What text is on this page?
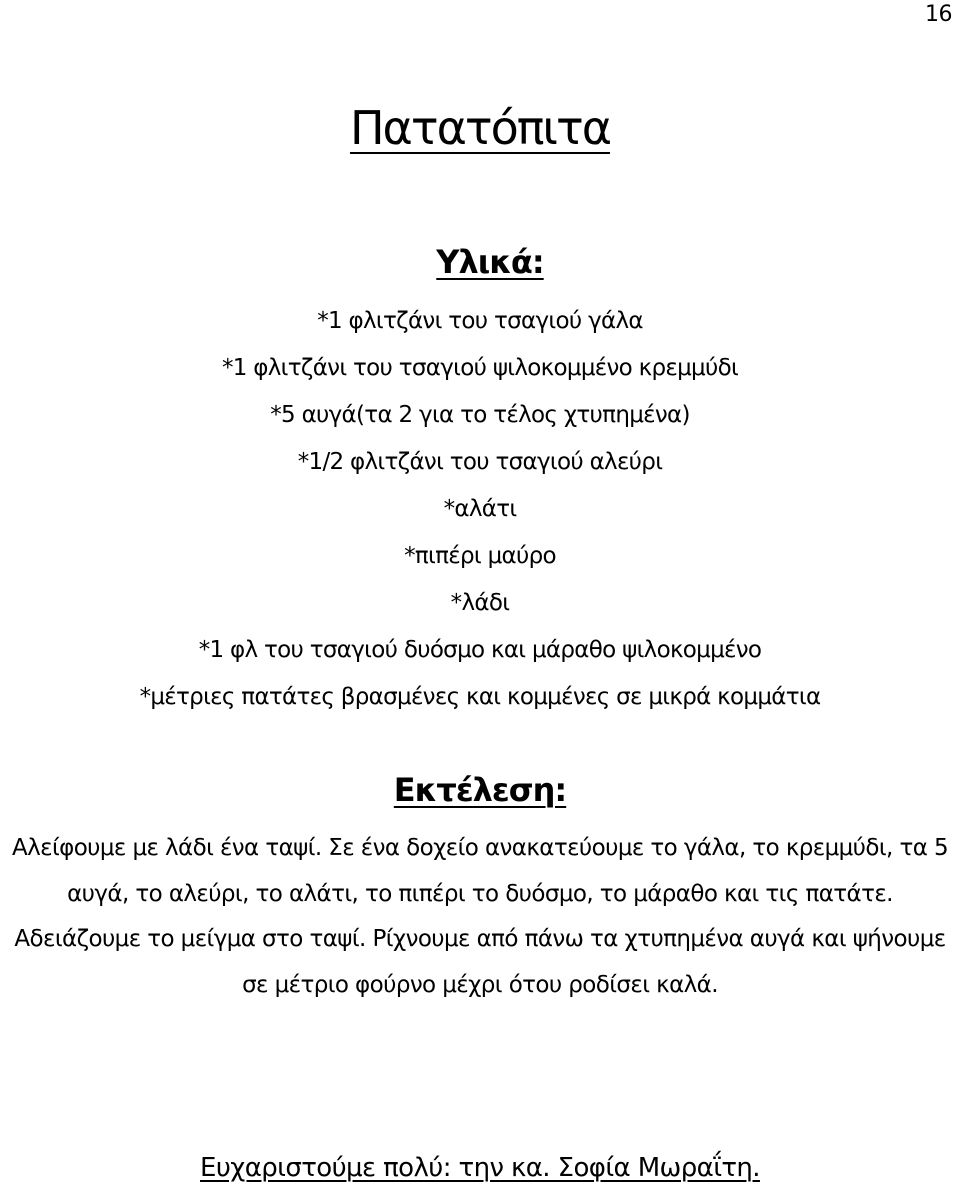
16
Πατατόπιτα
Υλικά:
*1 φλιτζάνι του τσαγιού γάλα
*1 φλιτζάνι του τσαγιού ψιλοκομμένο κρεμμύδι
*5 αυγά(τα 2 για το τέλος χτυπημένα)
*1/2 φλιτζάνι του τσαγιού αλεύρι
*αλάτι
*πιπέρι μαύρο
*λάδι
*1 φλ του τσαγιού δυόσμο και μάραθο ψιλοκομμένο
*μέτριες πατάτες βρασμένες και κομμένες σε μικρά κομμάτια
Εκτέλεση:

Αλείφουμε με λάδι ένα ταψί. Σε ένα δοχείο ανακατεύουμε το γάλα, το κρεμμύδι, τα 5 αυγά, το αλεύρι, το αλάτι, το πιπέρι το δυόσμο, το μάραθο και τις πατάτε. Αδειάζουμε το μείγμα στο ταψί. Ρίχνουμε από πάνω τα χτυπημένα αυγά και ψήνουμε σε μέτριο φούρνο μέχρι ότου ροδίσει καλά.

Ευχαριστούμε πολύ: την κα. Σοφία Μωραΐτη.
